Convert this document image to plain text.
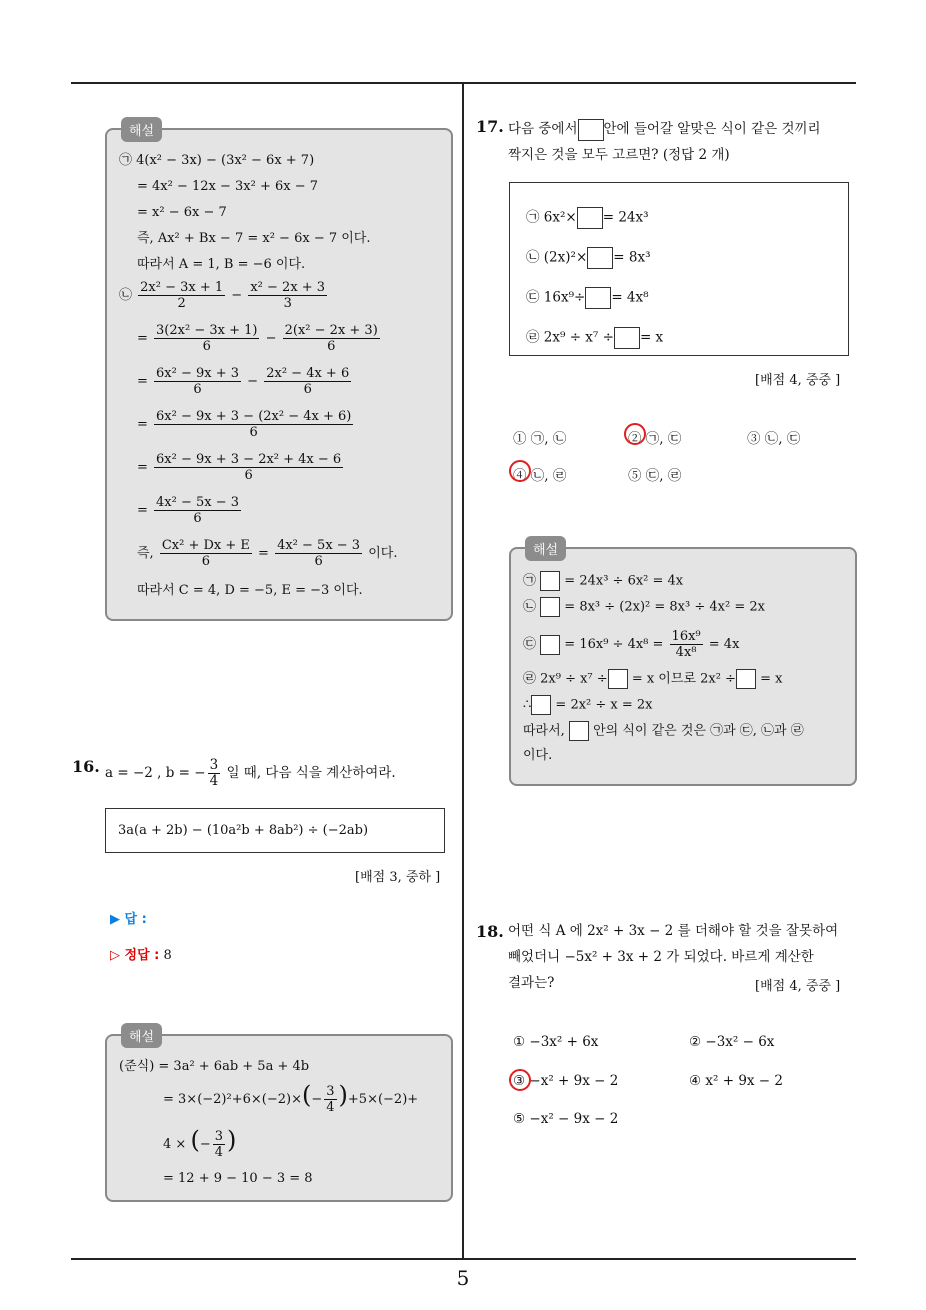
5
해설
㉠ 4(x² − 3x) − (3x² − 6x + 7)
= 4x² − 12x − 3x² + 6x − 7
= x² − 6x − 7
즉, Ax² + Bx − 7 = x² − 6x − 7 이다.
따라서 A = 1, B = −6 이다.
㉡ $\frac{\text{2x² − 3x + 1}}{2} - \frac{\text{x² − 2x + 3}}{3}$
= $\frac{\text{3(2x² − 3x + 1)}}{6} - \frac{\text{2(x² − 2x + 3)}}{6}$
= $\frac{\text{6x² − 9x + 3}}{6} - \frac{\text{2x² − 4x + 6}}{6}$
= $\frac{\text{6x² − 9x + 3 − (2x² − 4x + 6)}}{6}$
= $\frac{\text{6x² − 9x + 3 − 2x² + 4x − 6}}{6}$
= $\frac{\text{4x² − 5x − 3}}{6}$
즉, $\frac{\text{Cx² + Dx + E}}{6} = \frac{\text{4x² − 5x − 3}}{6}$ 이다.
따라서 C = 4, D = −5, E = −3 이다.
16. a = −2 , b = − $\frac{3}{4}$ 일 때, 다음 식을 계산하여라.
3a(a + 2b) − (10a²b + 8ab²) ÷ (−2ab)
[배점 3, 중하 ]
▶ 답 :
▷ 정답 : 8
해설
(준식) = 3a² + 6ab + 5a + 4b
= $3\times(-2)^2+6\times(-2)\times(- \frac{3}{4} )+5\times(-2)+$
4 × (− $\frac{3}{4}$ )
= 12 + 9 − 10 − 3 = 8
17. 다음 중에서 안에 들어갈 알맞은 식이 같은 것끼리
짝지은 것을 모두 고르면? (정답 2 개)
㉠ 6x²× = 24x³
㉡ (2x)²× = 8x³
㉢ 16x⁹÷ = 4x⁸
㉣ 2x⁹ ÷ x⁷ ÷ = x
[배점 4, 중중 ]
① ㉠, ㉡	② ㉠, ㉢	③ ㉡, ㉢
④ ㉡, ㉣	⑤ ㉢, ㉣
해설
㉠ = 24x³ ÷ 6x² = 4x
㉡ = 8x³ ÷ (2x)² = 8x³ ÷ 4x² = 2x
㉢ = $16x^9 \div 4x^8 = \frac{\text{16x⁹}}{\text{4x⁸}} = 4x$
㉣ 2x⁹ ÷ x⁷ ÷ = x 이므로 2x² ÷ = x
∴ = 2x² ÷ x = 2x
따라서, 안의 식이 같은 것은 ㉠과 ㉢, ㉡과 ㉣
이다.
18. 어떤 식 A 에 2x² + 3x − 2 를 더해야 할 것을 잘못하여
빼었더니 −5x² + 3x + 2 가 되었다. 바르게 계산한
결과는?	[배점 4, 중중 ]
① −3x² + 6x	② −3x² − 6x
③ −x² + 9x − 2	④ x² + 9x − 2
⑤ −x² − 9x − 2
